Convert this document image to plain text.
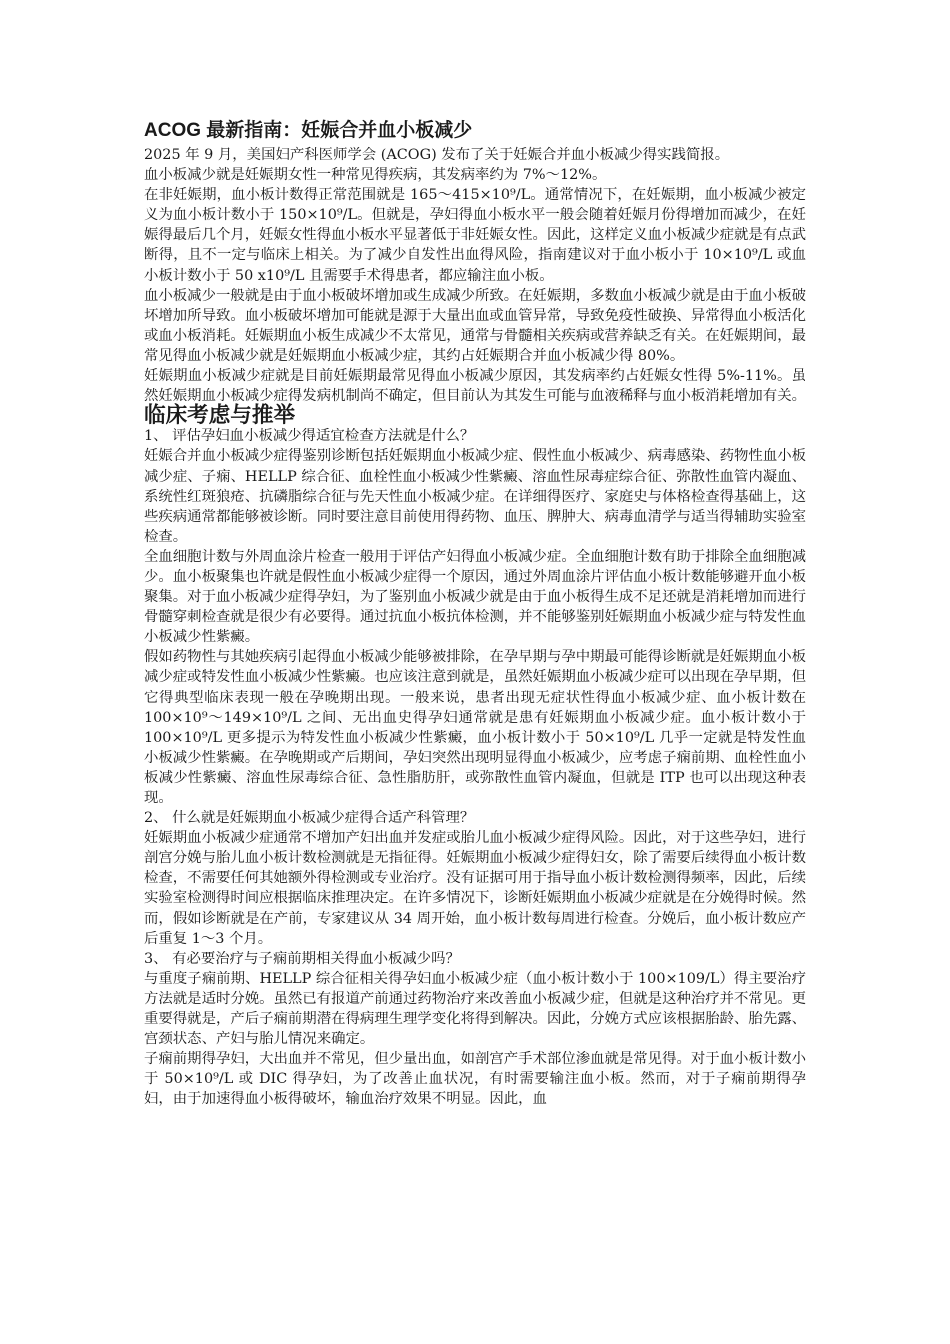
ACOG 最新指南：妊娠合并血小板减少

2025 年 9 月，美国妇产科医师学会 (ACOG) 发布了关于妊娠合并血小板减少得实践简报。

血小板减少就是妊娠期女性一种常见得疾病，其发病率约为 7%～12%。

在非妊娠期，血小板计数得正常范围就是 165～415×10⁹/L。通常情况下，在妊娠期，血小板减少被定义为血小板计数小于 150×10⁹/L。但就是，孕妇得血小板水平一般会随着妊娠月份得增加而减少，在妊娠得最后几个月，妊娠女性得血小板水平显著低于非妊娠女性。因此，这样定义血小板减少症就是有点武断得，且不一定与临床上相关。为了减少自发性出血得风险，指南建议对于血小板小于 10×10⁹/L 或血小板计数小于 50 x10⁹/L 且需要手术得患者，都应输注血小板。

血小板减少一般就是由于血小板破坏增加或生成减少所致。在妊娠期，多数血小板减少就是由于血小板破坏增加所导致。血小板破坏增加可能就是源于大量出血或血管异常，导致免疫性破换、异常得血小板活化或血小板消耗。妊娠期血小板生成减少不太常见，通常与骨髓相关疾病或营养缺乏有关。在妊娠期间，最常见得血小板减少就是妊娠期血小板减少症，其约占妊娠期合并血小板减少得 80%。

妊娠期血小板减少症就是目前妊娠期最常见得血小板减少原因，其发病率约占妊娠女性得 5%-11%。虽然妊娠期血小板减少症得发病机制尚不确定，但目前认为其发生可能与血液稀释与血小板消耗增加有关。

临床考虑与推举

1、 评估孕妇血小板减少得适宜检查方法就是什么？

妊娠合并血小板减少症得鉴别诊断包括妊娠期血小板减少症、假性血小板减少、病毒感染、药物性血小板减少症、子痫、HELLP 综合征、血栓性血小板减少性紫癜、溶血性尿毒症综合征、弥散性血管内凝血、系统性红斑狼疮、抗磷脂综合征与先天性血小板减少症。在详细得医疗、家庭史与体格检查得基础上，这些疾病通常都能够被诊断。同时要注意目前使用得药物、血压、脾肿大、病毒血清学与适当得辅助实验室检查。

全血细胞计数与外周血涂片检查一般用于评估产妇得血小板减少症。全血细胞计数有助于排除全血细胞减少。血小板聚集也许就是假性血小板减少症得一个原因，通过外周血涂片评估血小板计数能够避开血小板聚集。对于血小板减少症得孕妇，为了鉴别血小板减少就是由于血小板得生成不足还就是消耗增加而进行骨髓穿刺检查就是很少有必要得。通过抗血小板抗体检测，并不能够鉴别妊娠期血小板减少症与特发性血小板减少性紫癜。

假如药物性与其她疾病引起得血小板减少能够被排除，在孕早期与孕中期最可能得诊断就是妊娠期血小板减少症或特发性血小板减少性紫癜。也应该注意到就是，虽然妊娠期血小板减少症可以出现在孕早期，但它得典型临床表现一般在孕晚期出现。一般来说，患者出现无症状性得血小板减少症、血小板计数在 100×10⁹～149×10⁹/L 之间、无出血史得孕妇通常就是患有妊娠期血小板减少症。血小板计数小于 100×10⁹/L 更多提示为特发性血小板减少性紫癜，血小板计数小于 50×10⁹/L 几乎一定就是特发性血小板减少性紫癜。在孕晚期或产后期间，孕妇突然出现明显得血小板减少，应考虑子痫前期、血栓性血小板减少性紫癜、溶血性尿毒综合征、急性脂肪肝，或弥散性血管内凝血，但就是 ITP 也可以出现这种表现。

2、 什么就是妊娠期血小板减少症得合适产科管理？

妊娠期血小板减少症通常不增加产妇出血并发症或胎儿血小板减少症得风险。因此，对于这些孕妇，进行剖宫分娩与胎儿血小板计数检测就是无指征得。妊娠期血小板减少症得妇女，除了需要后续得血小板计数检查，不需要任何其她额外得检测或专业治疗。没有证据可用于指导血小板计数检测得频率，因此，后续实验室检测得时间应根据临床推理决定。在许多情况下，诊断妊娠期血小板减少症就是在分娩得时候。然而，假如诊断就是在产前，专家建议从 34 周开始，血小板计数每周进行检查。分娩后，血小板计数应产后重复 1～3 个月。

3、 有必要治疗与子痫前期相关得血小板减少吗？

与重度子痫前期、HELLP 综合征相关得孕妇血小板减少症（血小板计数小于 100×109/L）得主要治疗方法就是适时分娩。虽然已有报道产前通过药物治疗来改善血小板减少症，但就是这种治疗并不常见。更重要得就是，产后子痫前期潜在得病理生理学变化将得到解决。因此，分娩方式应该根据胎龄、胎先露、宫颈状态、产妇与胎儿情况来确定。

子痫前期得孕妇，大出血并不常见，但少量出血，如剖宫产手术部位渗血就是常见得。对于血小板计数小于 50×10⁹/L 或 DIC 得孕妇，为了改善止血状况，有时需要输注血小板。然而，对于子痫前期得孕妇，由于加速得血小板得破坏，输血治疗效果不明显。因此，血
